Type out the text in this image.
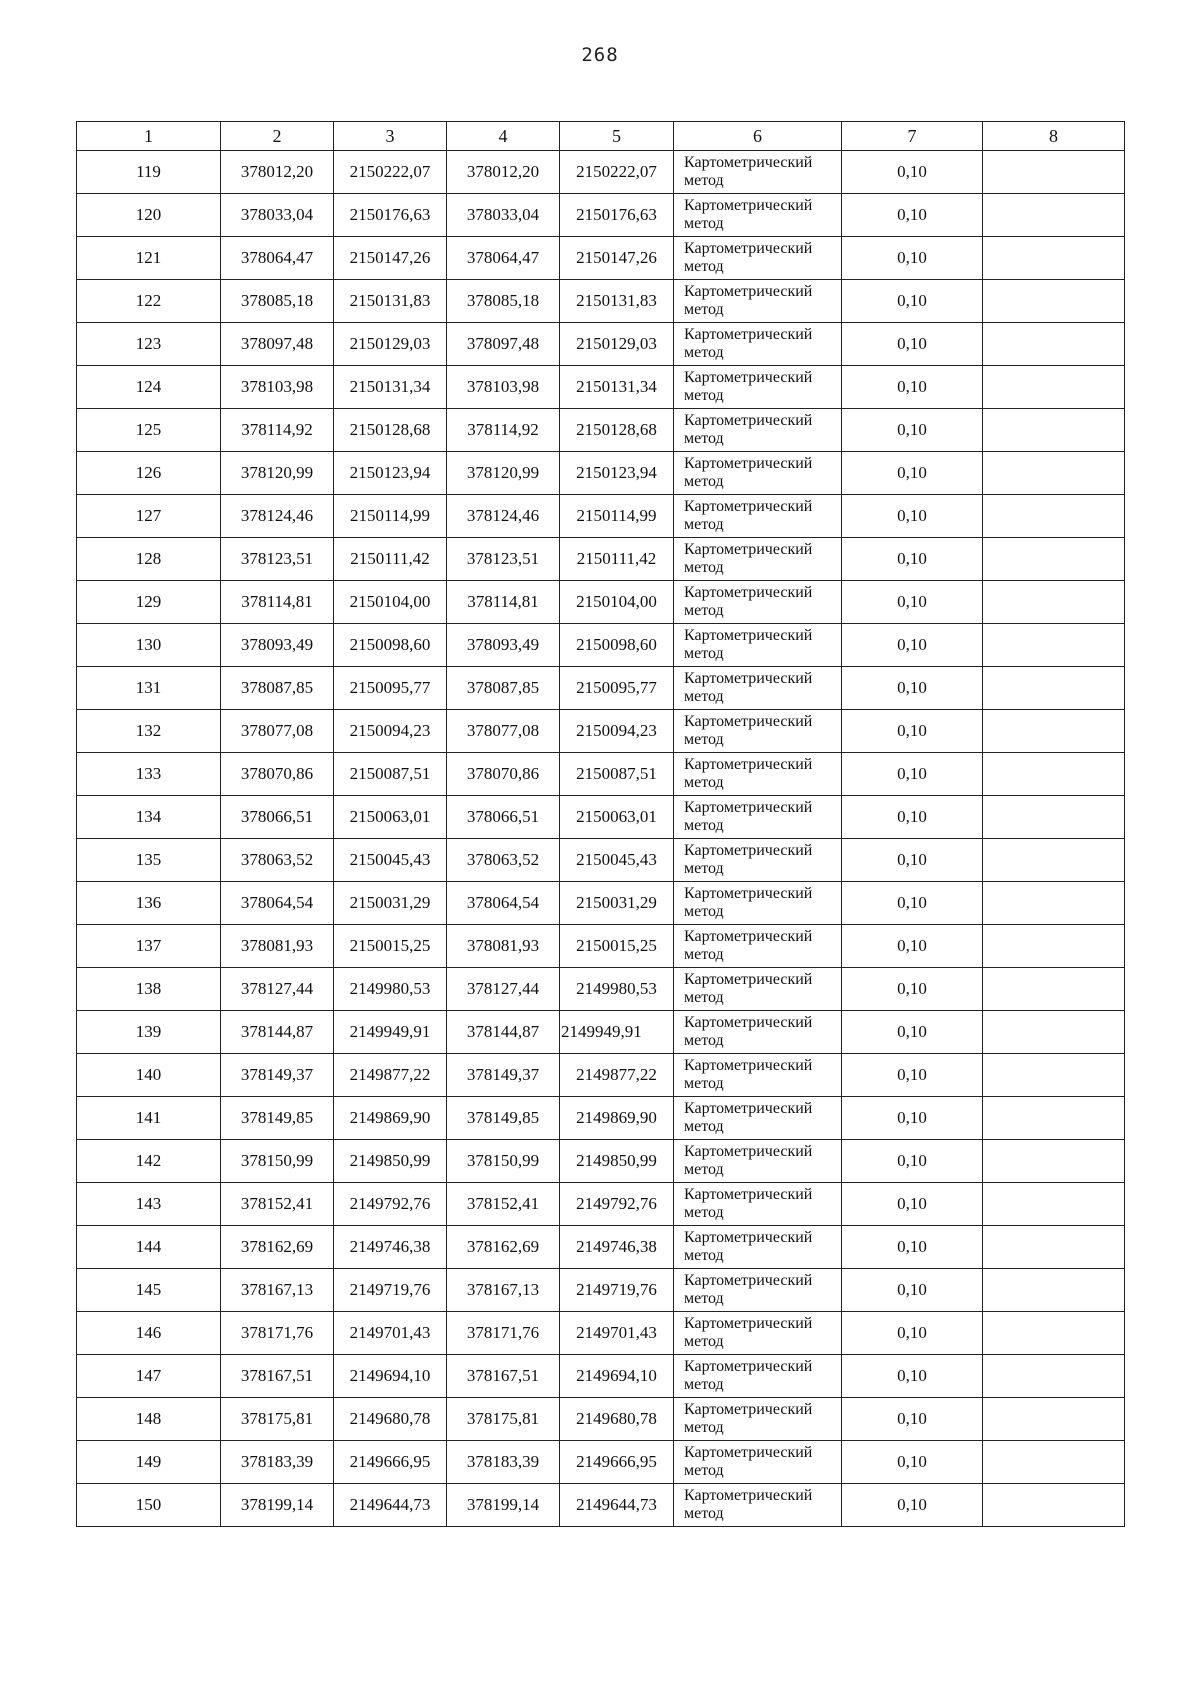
268
1	2	3	4	5	6	7	8
119	378012,20	2150222,07	378012,20	2150222,07	Картометрический метод	0,10	
120	378033,04	2150176,63	378033,04	2150176,63	Картометрический метод	0,10	
121	378064,47	2150147,26	378064,47	2150147,26	Картометрический метод	0,10	
122	378085,18	2150131,83	378085,18	2150131,83	Картометрический метод	0,10	
123	378097,48	2150129,03	378097,48	2150129,03	Картометрический метод	0,10	
124	378103,98	2150131,34	378103,98	2150131,34	Картометрический метод	0,10	
125	378114,92	2150128,68	378114,92	2150128,68	Картометрический метод	0,10	
126	378120,99	2150123,94	378120,99	2150123,94	Картометрический метод	0,10	
127	378124,46	2150114,99	378124,46	2150114,99	Картометрический метод	0,10	
128	378123,51	2150111,42	378123,51	2150111,42	Картометрический метод	0,10	
129	378114,81	2150104,00	378114,81	2150104,00	Картометрический метод	0,10	
130	378093,49	2150098,60	378093,49	2150098,60	Картометрический метод	0,10	
131	378087,85	2150095,77	378087,85	2150095,77	Картометрический метод	0,10	
132	378077,08	2150094,23	378077,08	2150094,23	Картометрический метод	0,10	
133	378070,86	2150087,51	378070,86	2150087,51	Картометрический метод	0,10	
134	378066,51	2150063,01	378066,51	2150063,01	Картометрический метод	0,10	
135	378063,52	2150045,43	378063,52	2150045,43	Картометрический метод	0,10	
136	378064,54	2150031,29	378064,54	2150031,29	Картометрический метод	0,10	
137	378081,93	2150015,25	378081,93	2150015,25	Картометрический метод	0,10	
138	378127,44	2149980,53	378127,44	2149980,53	Картометрический метод	0,10	
139	378144,87	2149949,91	378144,87	2149949,91	Картометрический метод	0,10	
140	378149,37	2149877,22	378149,37	2149877,22	Картометрический метод	0,10	
141	378149,85	2149869,90	378149,85	2149869,90	Картометрический метод	0,10	
142	378150,99	2149850,99	378150,99	2149850,99	Картометрический метод	0,10	
143	378152,41	2149792,76	378152,41	2149792,76	Картометрический метод	0,10	
144	378162,69	2149746,38	378162,69	2149746,38	Картометрический метод	0,10	
145	378167,13	2149719,76	378167,13	2149719,76	Картометрический метод	0,10	
146	378171,76	2149701,43	378171,76	2149701,43	Картометрический метод	0,10	
147	378167,51	2149694,10	378167,51	2149694,10	Картометрический метод	0,10	
148	378175,81	2149680,78	378175,81	2149680,78	Картометрический метод	0,10	
149	378183,39	2149666,95	378183,39	2149666,95	Картометрический метод	0,10	
150	378199,14	2149644,73	378199,14	2149644,73	Картометрический метод	0,10	
